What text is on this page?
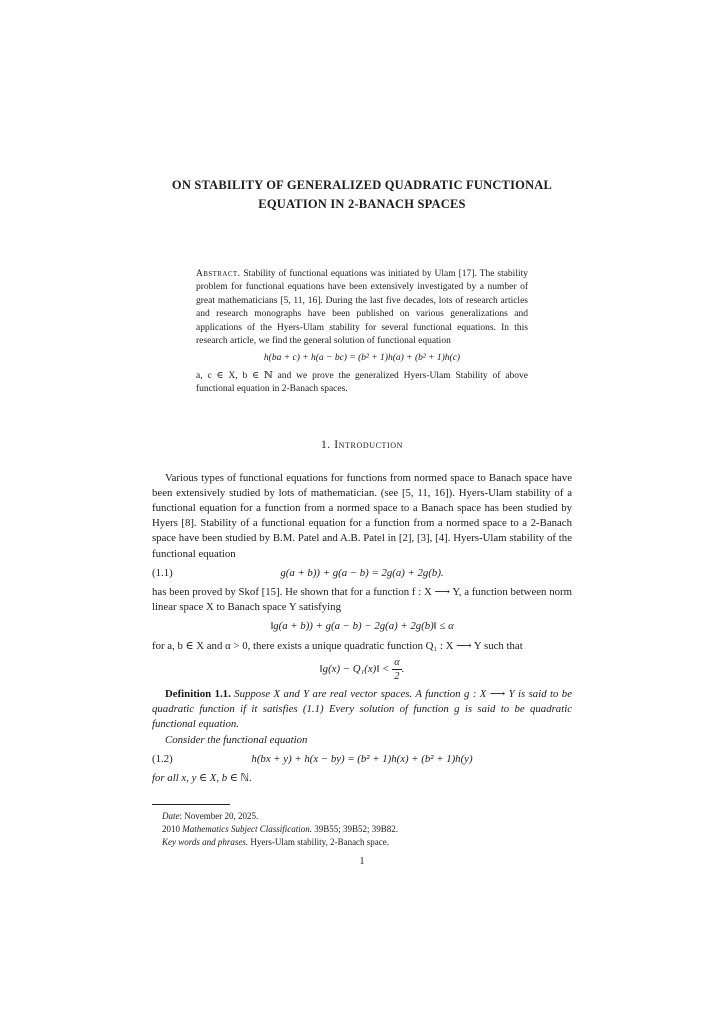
ON STABILITY OF GENERALIZED QUADRATIC FUNCTIONAL
EQUATION IN 2-BANACH SPACES

Abstract. Stability of functional equations was initiated by Ulam [17]. The stability problem for functional equations have been extensively investigated by a number of great mathematicians [5, 11, 16]. During the last five decades, lots of research articles and research monographs have been published on various generalizations and applications of the Hyers-Ulam stability for several functional equations. In this research article, we find the general solution of functional equation

h(ba + c) + h(a − bc) = (b² + 1)h(a) + (b² + 1)h(c)

a, c ∈ X, b ∈ ℕ and we prove the generalized Hyers-Ulam Stability of above functional equation in 2-Banach spaces.

1. Introduction

Various types of functional equations for functions from normed space to Banach space have been extensively studied by lots of mathematician. (see [5, 11, 16]). Hyers-Ulam stability of a functional equation for a function from a normed space to a Banach space has been studied by Hyers [8]. Stability of a functional equation for a function from a normed space to a 2-Banach space have been studied by B.M. Patel and A.B. Patel in [2], [3], [4]. Hyers-Ulam stability of the functional equation

(1.1)	g(a + b)) + g(a − b) = 2g(a) + 2g(b).

has been proved by Skof [15]. He shown that for a function f : X ⟶ Y, a function between norm linear space X to Banach space Y satisfying

‖g(a + b)) + g(a − b) − 2g(a) + 2g(b)‖ ≤ α

for a, b ∈ X and α > 0, there exists a unique quadratic function Q₁ : X ⟶ Y such that

‖g(x) − Q₁(x)‖ < $\frac{\alpha}{2}$ .

Definition 1.1. Suppose X and Y are real vector spaces. A function g : X ⟶ Y is said to be quadratic function if it satisfies (1.1) Every solution of function g is said to be quadratic functional equation.

Consider the functional equation

(1.2)	h(bx + y) + h(x − by) = (b² + 1)h(x) + (b² + 1)h(y)

for all x, y ∈ X, b ∈ ℕ.

Date: November 20, 2025.
2010 Mathematics Subject Classification. 39B55; 39B52; 39B82.
Key words and phrases. Hyers-Ulam stability, 2-Banach space.
1
